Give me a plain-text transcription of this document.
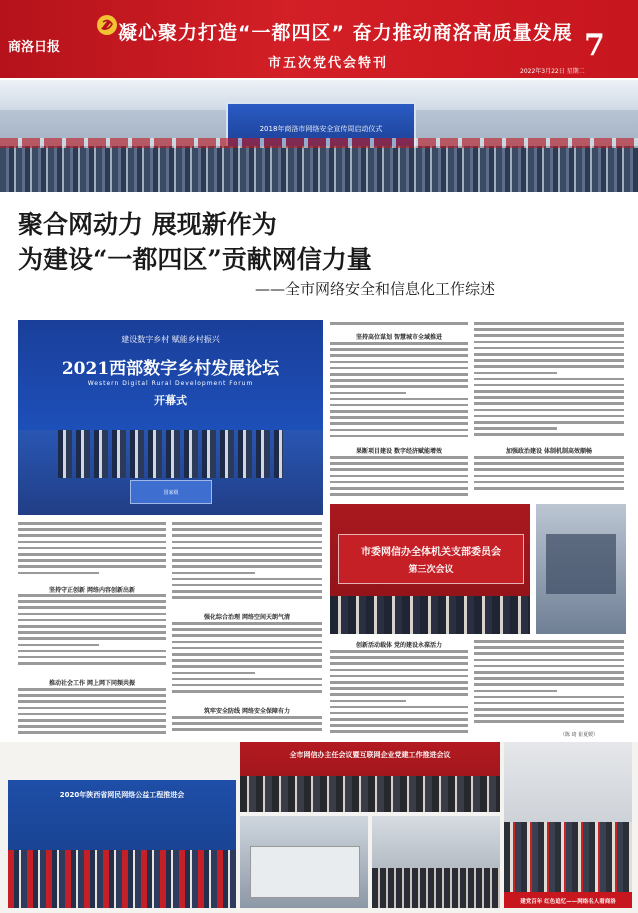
凝心聚力打造“一都四区” 奋力推动商洛高质量发展
市五次党代会特刊
商洛日报	7
2022年3月22日 星期二
2018年商洛市网络安全宣传周启动仪式
聚合网动力 展现新作为
为建设“一都四区”贡献网信力量
——全市网络安全和信息化工作综述
建设数字乡村 赋能乡村振兴
2021西部数字乡村发展论坛
Western Digital Rural Development Forum
开幕式
国家级
坚持守正创新 网络内容创新出新
推动社会工作 网上网下同频共振
强化综合治理 网络空间天朗气清
筑牢安全防线 网络安全保障有力
坚持高位谋划 智慧城市全域推进
果断项目建设 数字经济赋能增效	加强政治建设 体制机制高效顺畅
市委网信办全体机关支部委员会
第三次会议
创新活动载体 党的建设永葆活力
（陈 琦 崔夏媛）
2020年陕西省网民网络公益工程推进会
全市网信办主任会议暨互联网企业党建工作推进会议
建党百年 红色追忆——网络名人看商洛
